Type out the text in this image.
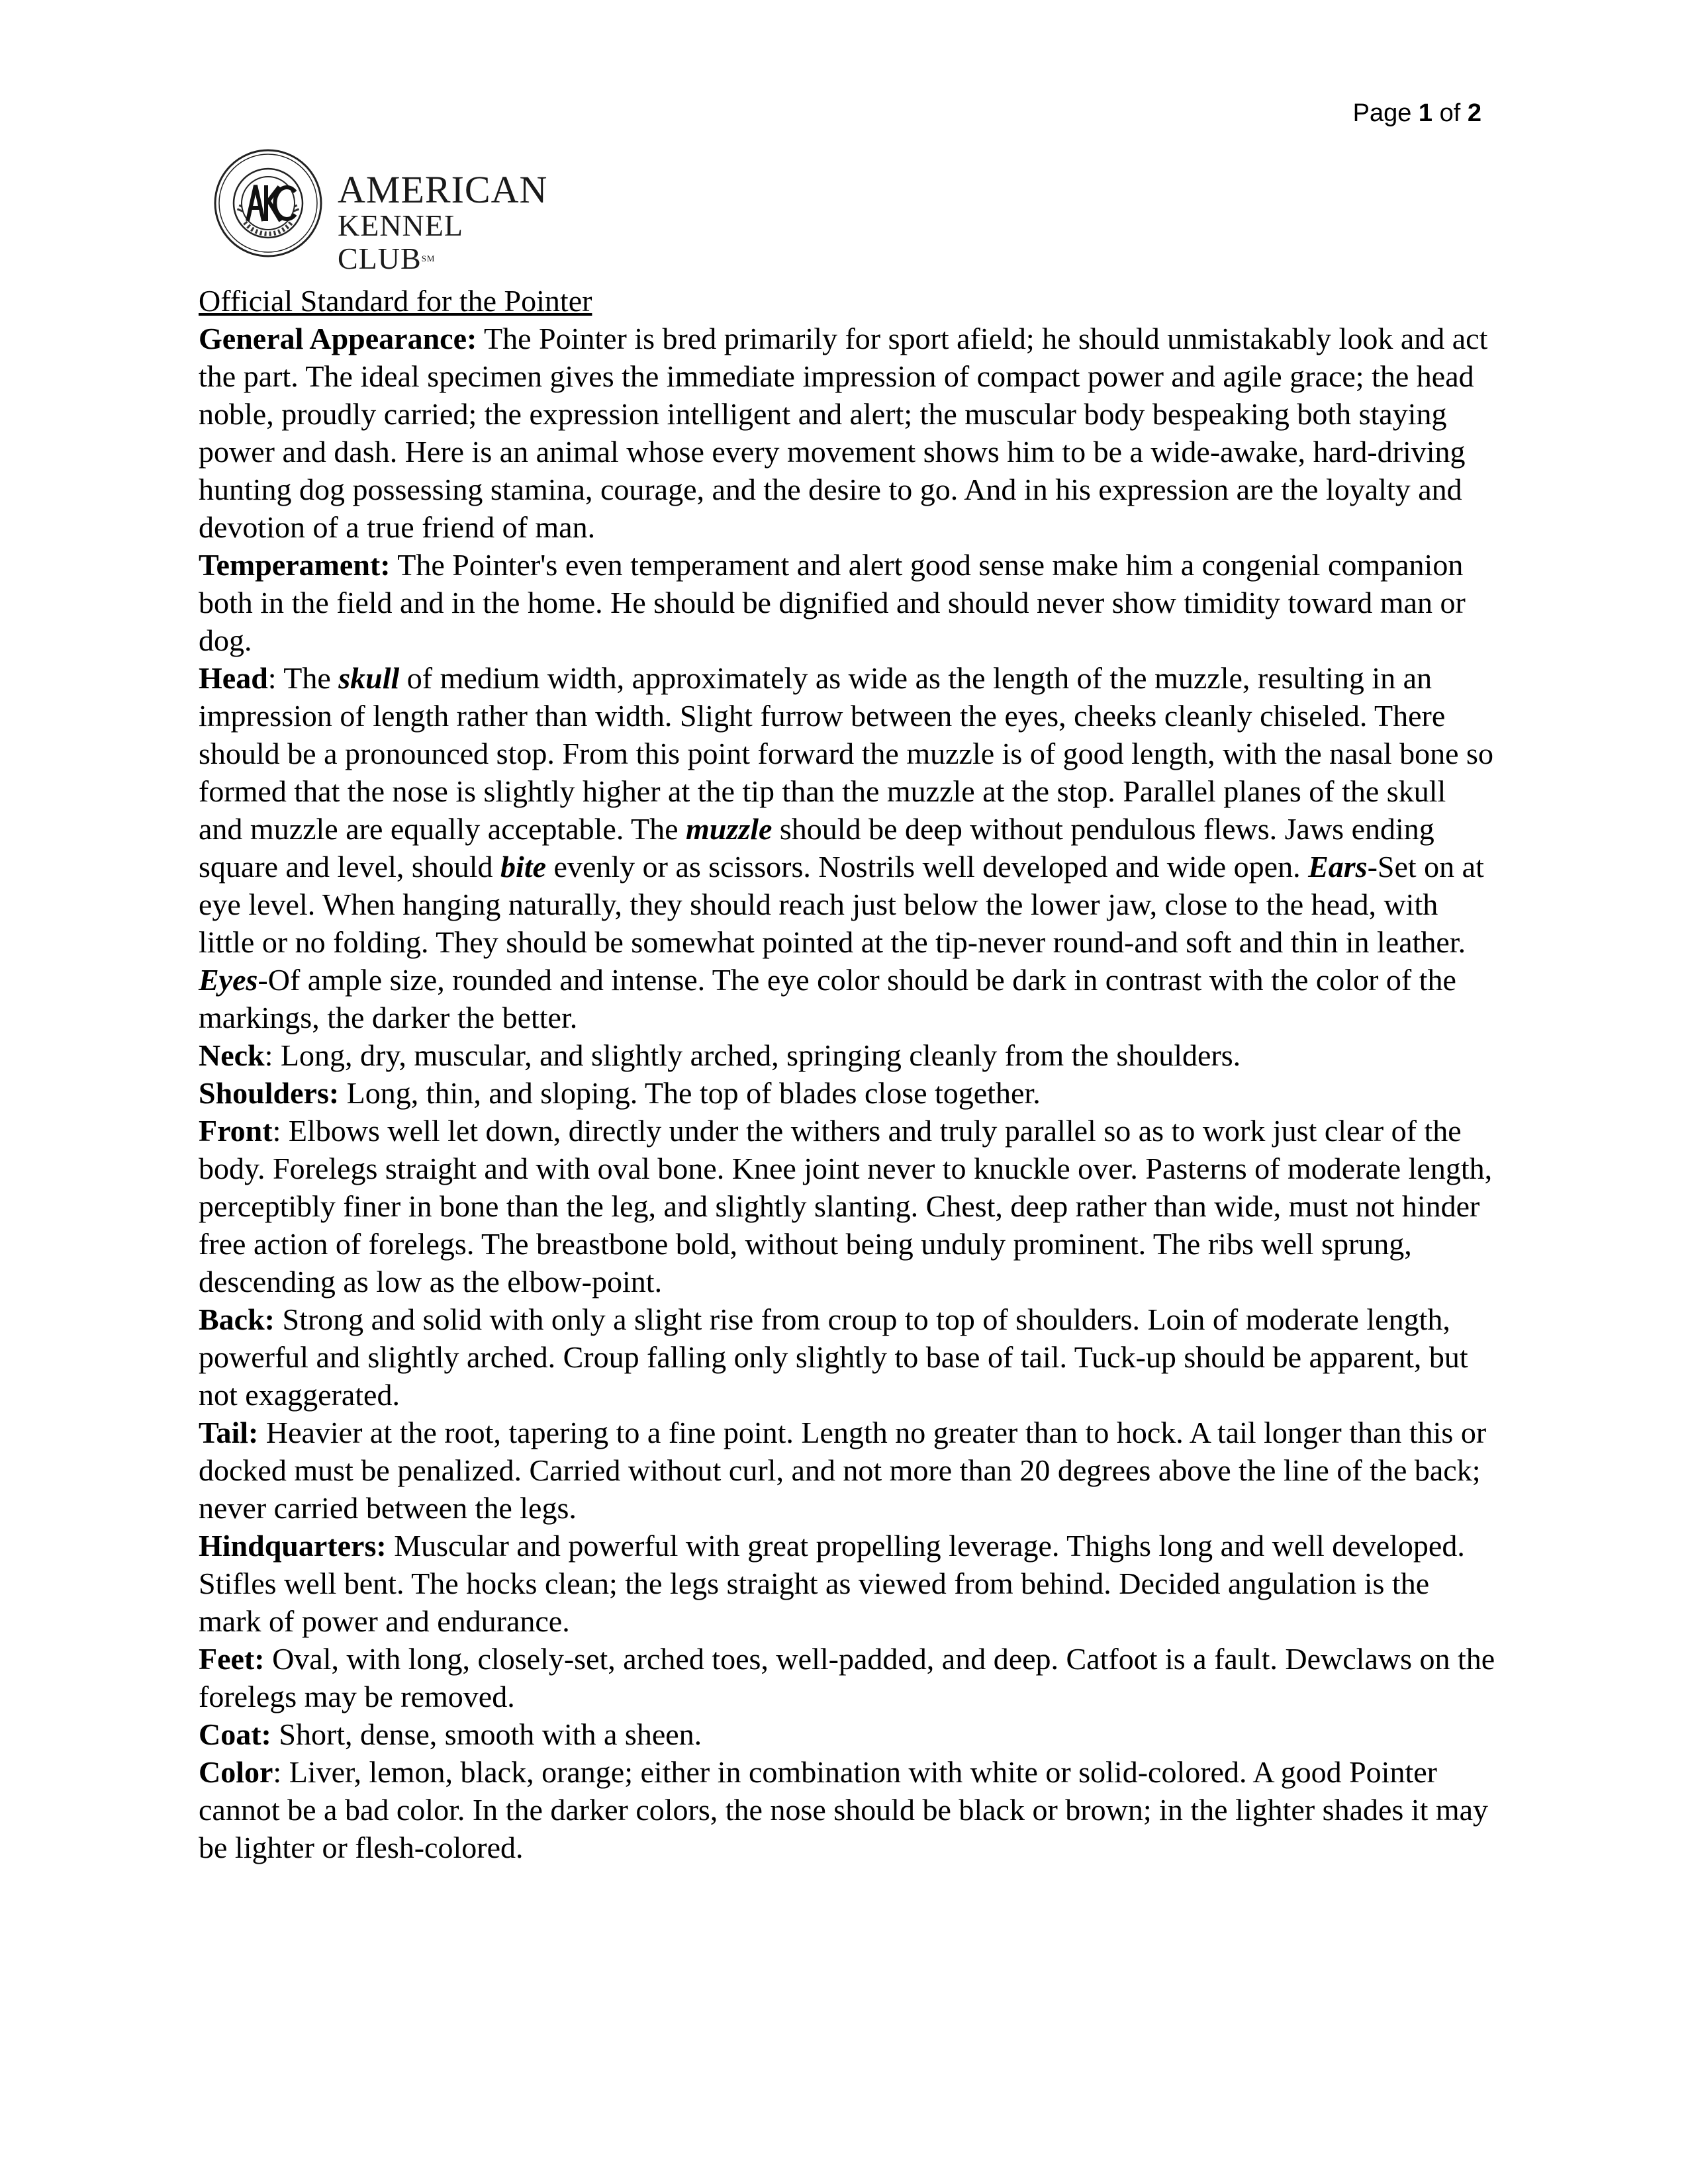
Page 1 of 2
AMERICAN
KENNEL CLUB℠

Official Standard for the Pointer

General Appearance: The Pointer is bred primarily for sport afield; he should unmistakably look and act the part. The ideal specimen gives the immediate impression of compact power and agile grace; the head noble, proudly carried; the expression intelligent and alert; the muscular body bespeaking both staying power and dash. Here is an animal whose every movement shows him to be a wide-awake, hard-driving hunting dog possessing stamina, courage, and the desire to go. And in his expression are the loyalty and devotion of a true friend of man.

Temperament: The Pointer's even temperament and alert good sense make him a congenial companion both in the field and in the home. He should be dignified and should never show timidity toward man or dog.

Head: The skull of medium width, approximately as wide as the length of the muzzle, resulting in an impression of length rather than width. Slight furrow between the eyes, cheeks cleanly chiseled. There should be a pronounced stop. From this point forward the muzzle is of good length, with the nasal bone so formed that the nose is slightly higher at the tip than the muzzle at the stop. Parallel planes of the skull and muzzle are equally acceptable. The muzzle should be deep without pendulous flews. Jaws ending square and level, should bite evenly or as scissors. Nostrils well developed and wide open. Ears-Set on at eye level. When hanging naturally, they should reach just below the lower jaw, close to the head, with little or no folding. They should be somewhat pointed at the tip-never round-and soft and thin in leather. Eyes-Of ample size, rounded and intense. The eye color should be dark in contrast with the color of the markings, the darker the better.

Neck: Long, dry, muscular, and slightly arched, springing cleanly from the shoulders.

Shoulders: Long, thin, and sloping. The top of blades close together.

Front: Elbows well let down, directly under the withers and truly parallel so as to work just clear of the body. Forelegs straight and with oval bone. Knee joint never to knuckle over. Pasterns of moderate length, perceptibly finer in bone than the leg, and slightly slanting. Chest, deep rather than wide, must not hinder free action of forelegs. The breastbone bold, without being unduly prominent. The ribs well sprung, descending as low as the elbow-point.

Back: Strong and solid with only a slight rise from croup to top of shoulders. Loin of moderate length, powerful and slightly arched. Croup falling only slightly to base of tail. Tuck-up should be apparent, but not exaggerated.

Tail: Heavier at the root, tapering to a fine point. Length no greater than to hock. A tail longer than this or docked must be penalized. Carried without curl, and not more than 20 degrees above the line of the back; never carried between the legs.

Hindquarters: Muscular and powerful with great propelling leverage. Thighs long and well developed. Stifles well bent. The hocks clean; the legs straight as viewed from behind. Decided angulation is the mark of power and endurance.

Feet: Oval, with long, closely-set, arched toes, well-padded, and deep. Catfoot is a fault. Dewclaws on the forelegs may be removed.

Coat: Short, dense, smooth with a sheen.

Color: Liver, lemon, black, orange; either in combination with white or solid-colored. A good Pointer cannot be a bad color. In the darker colors, the nose should be black or brown; in the lighter shades it may be lighter or flesh-colored.
